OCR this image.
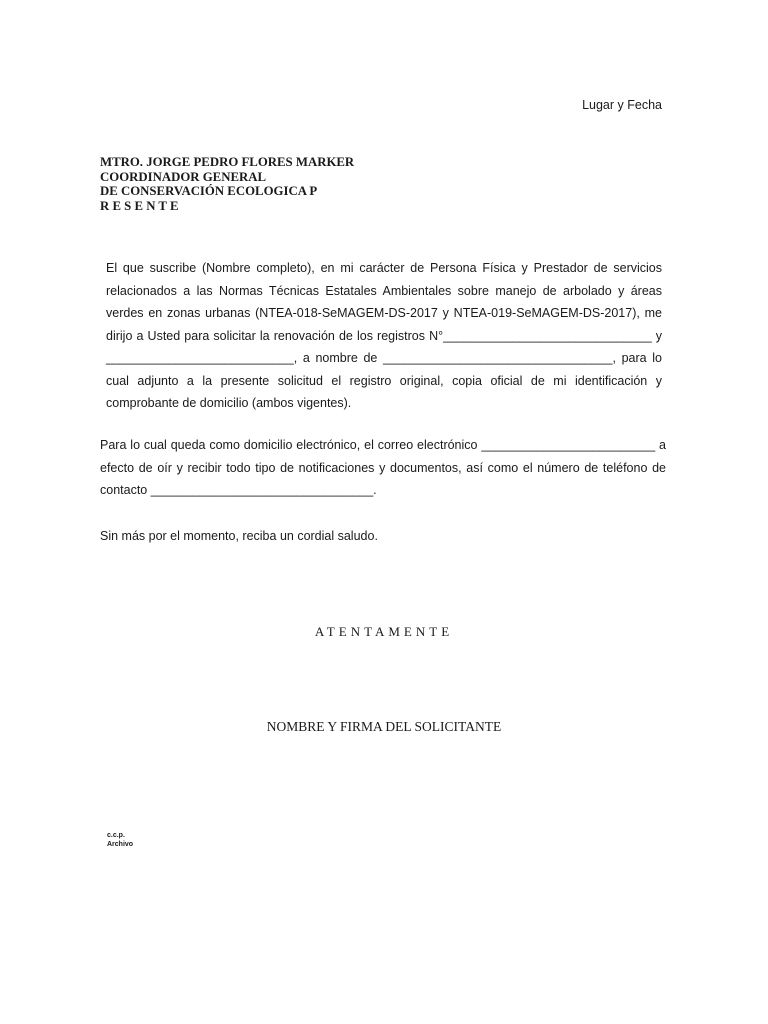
Lugar y Fecha
MTRO. JORGE PEDRO FLORES MARKER
COORDINADOR GENERAL
DE CONSERVACIÓN ECOLOGICA P
R E S E N T E
El que suscribe (Nombre completo), en mi carácter de Persona Física y Prestador de servicios relacionados a las Normas Técnicas Estatales Ambientales sobre manejo de arbolado y áreas verdes en zonas urbanas (NTEA-018-SeMAGEM-DS-2017 y NTEA-019-SeMAGEM-DS-2017), me dirijo a Usted para solicitar la renovación de los registros N°______________________________ y ___________________________, a nombre de _________________________________, para lo cual adjunto a la presente solicitud el registro original, copia oficial de mi identificación y comprobante de domicilio (ambos vigentes).
Para lo cual queda como domicilio electrónico, el correo electrónico _________________________ a efecto de oír y recibir todo tipo de notificaciones y documentos, así como el número de teléfono de contacto ________________________________.
Sin más por el momento, reciba un cordial saludo.
ATENTAMENTE
NOMBRE Y FIRMA DEL SOLICITANTE
c.c.p.
Archivo
